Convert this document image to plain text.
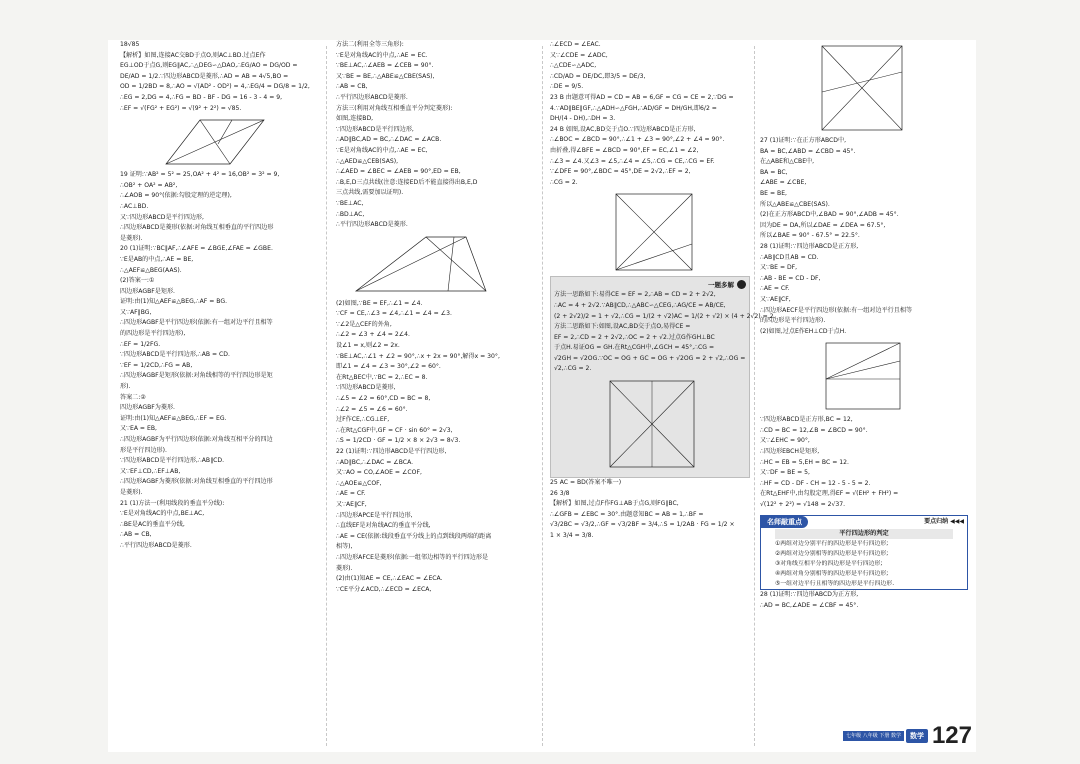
18√85
【解析】如图,连接AC交BD于点O,则AC⊥BD.过点E作
EG⊥OD于点G,则EG∥AC,∴△DEG∽△DAO,∴EG/AO = DG/OD =
DE/AD = 1/2.∵四边形ABCD是菱形,∴AD = AB = 4√5,BO =
OD = 1/2BD = 8,∴AO = √(AD² - OD²) = 4,∴EG/4 = DG/8 = 1/2,
∴EG = 2,DG = 4,∴FG = BD - BF - DG = 16 - 3 - 4 = 9,
∴EF = √(FG² + EG²) = √(9² + 2²) = √85.
19 证明:∵AB² = 5² = 25,OA² + 4² = 16,OB² = 3² = 9,
∴OB² + OA² = AB²,
∴∠AOB = 90°(依据:勾股定理的逆定理),
∴AC⊥BD.
又∵四边形ABCD是平行四边形,
∴四边形ABCD是菱形(依据:对角线互相垂直的平行四边形
是菱形).
20 (1)证明:∵BC∥AF,∴∠AFE = ∠BGE,∠FAE = ∠GBE.
∵E是AB的中点,∴AE = BE,
∴△AEF≌△BEG(AAS).
(2)答案一:①
四边形AGBF是矩形.
证明:由(1)知△AEF≌△BEG,∴AF = BG.
又∵AF∥BG,
∴四边形AGBF是平行四边形(依据:有一组对边平行且相等
的四边形是平行四边形),
∴EF = 1/2FG.
∵四边形ABCD是平行四边形,∴AB = CD.
∵EF = 1/2CD,∴FG = AB,
∴四边形AGBF是矩形(依据:对角线相等的平行四边形是矩
形).
答案二:②
四边形AGBF为菱形.
证明:由(1)知△AEF≌△BEG,∴EF = EG.
又∵EA = EB,
∴四边形AGBF为平行四边形(依据:对角线互相平分的四边
形是平行四边形).
∵四边形ABCD是平行四边形,∴AB∥CD.
又∵EF⊥CD,∴EF⊥AB,
∴四边形AGBF为菱形(依据:对角线互相垂直的平行四边形
是菱形).
21 (1)方法一(利用线段的垂直平分线):
∵E是对角线AC的中点,BE⊥AC,
∴BE是AC的垂直平分线,
∴AB = CB,
∴平行四边形ABCD是菱形.
方法二(利用全等三角形):
∵E是对角线AC的中点,∴AE = EC.
∵BE⊥AC,∴∠AEB = ∠CEB = 90°.
又∵BE = BE,∴△ABE≌△CBE(SAS),
∴AB = CB,
∴平行四边形ABCD是菱形.
方法三(利用对角线互相垂直平分判定菱形):
如图,连接BD,
∵四边形ABCD是平行四边形,
∴AD∥BC,AD = BC,∴∠DAC = ∠ACB.
∵E是对角线AC的中点,∴AE = EC,
∴△AED≌△CEB(SAS),
∴∠AED = ∠BEC = ∠AEB = 90°,ED = EB,
∴B,E,D三点共线(注意:连接ED后不能直接得出B,E,D
三点共线,需要加以证明).
∵BE⊥AC,
∴BD⊥AC,
∴平行四边形ABCD是菱形.
(2)如图,∵BE = EF,∴∠1 = ∠4.
∵CF = CE,∴∠3 = ∠4,∴∠1 = ∠4 = ∠3.
∵∠2是△CEF的外角,
∴∠2 = ∠3 + ∠4 = 2∠4.
设∠1 = x,则∠2 = 2x.
∵BE⊥AC,∴∠1 + ∠2 = 90°,∴x + 2x = 90°,解得x = 30°,
即∠1 = ∠4 = ∠3 = 30°,∠2 = 60°.
在Rt△BEC中,∵BC = 2,∴EC = 8.
∵四边形ABCD是菱形,
∴∠5 = ∠2 = 60°,CD = BC = 8,
∴∠2 = ∠5 = ∠6 = 60°.
过F作CE,∴CG⊥EF,
∴在Rt△CGF中,GF = CF · sin 60° = 2√3,
∴S = 1/2CD · GF = 1/2 × 8 × 2√3 = 8√3.
22 (1)证明:∵四边形ABCD是平行四边形,
∴AD∥BC,∴∠DAC = ∠BCA.
又∵AO = CO,∠AOE = ∠COF,
∴△AOE≌△COF,
∴AE = CF.
又∵AE∥CF,
∴四边形APCE是平行四边形,
∴直线EF是对角线AC的垂直平分线,
∴AE = CE(依据:线段垂直平分线上的点到线段两端的距离
相等),
∴四边形AFCE是菱形(依据:一组邻边相等的平行四边形是
菱形).
(2)由(1)知AE = CE,∴∠EAC = ∠ECA.
∵CE平分∠ACD,∴∠ECD = ∠ECA,
∴∠ECD = ∠EAC.
又∵∠CDE = ∠ADC,
∴△CDE∽△ADC,
∴CD/AD = DE/DC,即3/5 = DE/3,
∴DE = 9/5.
23 B 由题意可得AD = CD = AB = 6,GF = CG = CE = 2,∵DG =
4.∵AD∥BE∥GF,∴△ADH∽△FGH,∴AD/GF = DH/GH,即6/2 =
DH/(4 - DH),∴DH = 3.
24 B 如图,设AC,BD交于点O.∵四边形ABCD是正方形,
∴∠BOC = ∠BCD = 90°,∴∠1 + ∠3 = 90°,∠2 + ∠4 = 90°.
由折叠,得∠BFE = ∠BCD = 90°,EF = EC,∠1 = ∠2,
∴∠3 = ∠4.又∠3 = ∠5,∴∠4 = ∠5,∴CG = CE,∴CG = EF.
∵∠DFE = 90°,∠BDC = 45°,DE = 2√2,∴EF = 2,
∴CG = 2.
一题多解
方法一思路如下:易得CE = EF = 2,∴AB = CD = 2 + 2√2,
∴AC = 4 + 2√2.∵AB∥CD,∴△ABC∽△CEG,∴AG/CE = AB/CE,
(2 + 2√2)/2 = 1 + √2,∴CG = 1/(2 + √2)AC = 1/(2 + √2) × (4 + 2√2) = 2.
方法二思路如下:如图,设AC,BD交于点O,易得CE =
EF = 2,∴CD = 2 + 2√2,∴OC = 2 + √2.过点G作GH⊥BC
于点H.易证OG = GH.在Rt△CGH中,∠GCH = 45°,∴CG =
√2GH = √2OG.∵OC = OG + GC = OG + √2OG = 2 + √2,∴OG =
√2,∴CG = 2.
25 AC = BD(答案不唯一)
26 3/8
【解析】如图,过点F作FG⊥AB于点G,则FG∥BC,
∴∠GFB = ∠EBC = 30°.由题意知BC = AB = 1,∴BF =
√3/2BC = √3/2,∴GF = √3/2BF = 3/4,∴S = 1/2AB · FG = 1/2 ×
1 × 3/4 = 3/8.
27 (1)证明:∵在正方形ABCD中,
BA = BC,∠ABD = ∠CBD = 45°.
在△ABE和△CBE中,
BA = BC,
∠ABE = ∠CBE,
BE = BE,
所以△ABE≌△CBE(SAS).
(2)在正方形ABCD中,∠BAD = 90°,∠ADB = 45°.
因为DE = DA,所以∠DAE = ∠DEA = 67.5°,
所以∠BAE = 90° - 67.5° = 22.5°.
28 (1)证明:∵四边形ABCD是正方形,
∴AB∥CD且AB = CD.
又∵BE = DF,
∴AB - BE = CD - DF,
∴AE = CF.
又∵AE∥CF,
∴四边形AECF是平行四边形(依据:有一组对边平行且相等
的四边形是平行四边形).
(2)如图,过点E作EH⊥CD于点H.
∵四边形ABCD是正方形,BC = 12,
∴CD = BC = 12,∠B = ∠BCD = 90°.
又∵∠EHC = 90°,
∴四边形EBCH是矩形,
∴HC = EB = 5,EH = BC = 12.
又∵DF = BE = 5,
∴HF = CD - DF - CH = 12 - 5 - 5 = 2.
在Rt△EHF中,由勾股定理,得EF = √(EH² + FH²) =
√(12² + 2²) = √148 = 2√37.
名师敲重点	要点归纳 ◀◀◀
平行四边形的判定
①两组对边分别平行的四边形是平行四边形;
②两组对边分别相等的四边形是平行四边形;
③对角线互相平分的四边形是平行四边形;
④两组对角分别相等的四边形是平行四边形;
⑤一组对边平行且相等的四边形是平行四边形.
28 (1)证明:∵四边形ABCD为正方形,
∴AD = BC,∠ADE = ∠CBF = 45°.
七年级 八年级 下册 数学	数学 127
